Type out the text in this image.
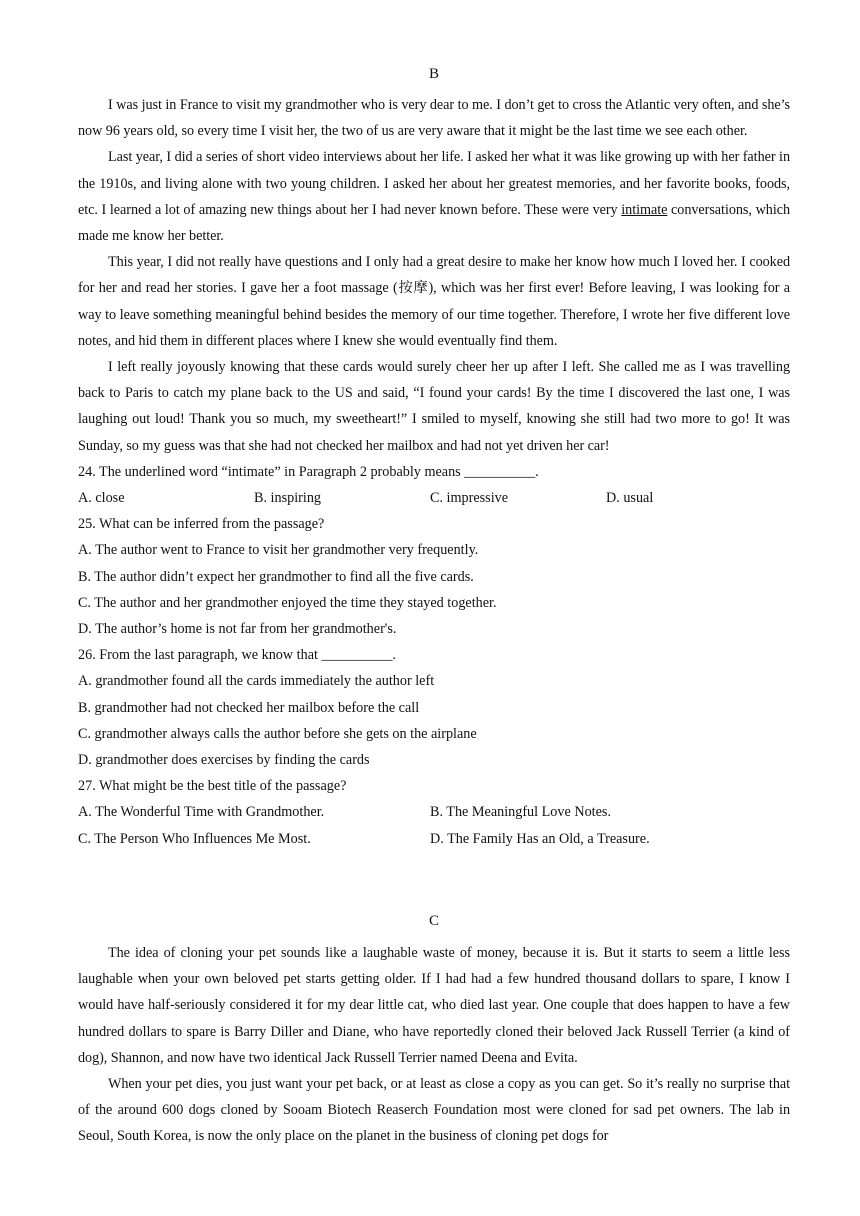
B

I was just in France to visit my grandmother who is very dear to me. I don’t get to cross the Atlantic very often, and she’s now 96 years old, so every time I visit her, the two of us are very aware that it might be the last time we see each other.

Last year, I did a series of short video interviews about her life. I asked her what it was like growing up with her father in the 1910s, and living alone with two young children. I asked her about her greatest memories, and her favorite books, foods, etc. I learned a lot of amazing new things about her I had never known before. These were very intimate conversations, which made me know her better.

This year, I did not really have questions and I only had a great desire to make her know how much I loved her. I cooked for her and read her stories. I gave her a foot massage (按摩), which was her first ever! Before leaving, I was looking for a way to leave something meaningful behind besides the memory of our time together. Therefore, I wrote her five different love notes, and hid them in different places where I knew she would eventually find them.

I left really joyously knowing that these cards would surely cheer her up after I left. She called me as I was travelling back to Paris to catch my plane back to the US and said, “I found your cards! By the time I discovered the last one, I was laughing out loud! Thank you so much, my sweetheart!” I smiled to myself, knowing she still had two more to go! It was Sunday, so my guess was that she had not checked her mailbox and had not yet driven her car!

24. The underlined word “intimate” in Paragraph 2 probably means __________.
A. close	B. inspiring	C. impressive	D. usual
25. What can be inferred from the passage?
A. The author went to France to visit her grandmother very frequently.
B. The author didn’t expect her grandmother to find all the five cards.
C. The author and her grandmother enjoyed the time they stayed together.
D. The author’s home is not far from her grandmother's.
26. From the last paragraph, we know that __________.
A. grandmother found all the cards immediately the author left
B. grandmother had not checked her mailbox before the call
C. grandmother always calls the author before she gets on the airplane
D. grandmother does exercises by finding the cards
27. What might be the best title of the passage?
A. The Wonderful Time with Grandmother.	B. The Meaningful Love Notes.
C. The Person Who Influences Me Most.	D. The Family Has an Old, a Treasure.
C

The idea of cloning your pet sounds like a laughable waste of money, because it is. But it starts to seem a little less laughable when your own beloved pet starts getting older. If I had had a few hundred thousand dollars to spare, I know I would have half-seriously considered it for my dear little cat, who died last year. One couple that does happen to have a few hundred dollars to spare is Barry Diller and Diane, who have reportedly cloned their beloved Jack Russell Terrier (a kind of dog), Shannon, and now have two identical Jack Russell Terrier named Deena and Evita.

When your pet dies, you just want your pet back, or at least as close a copy as you can get. So it’s really no surprise that of the around 600 dogs cloned by Sooam Biotech Reaserch Foundation most were cloned for sad pet owners. The lab in Seoul, South Korea, is now the only place on the planet in the business of cloning pet dogs for
